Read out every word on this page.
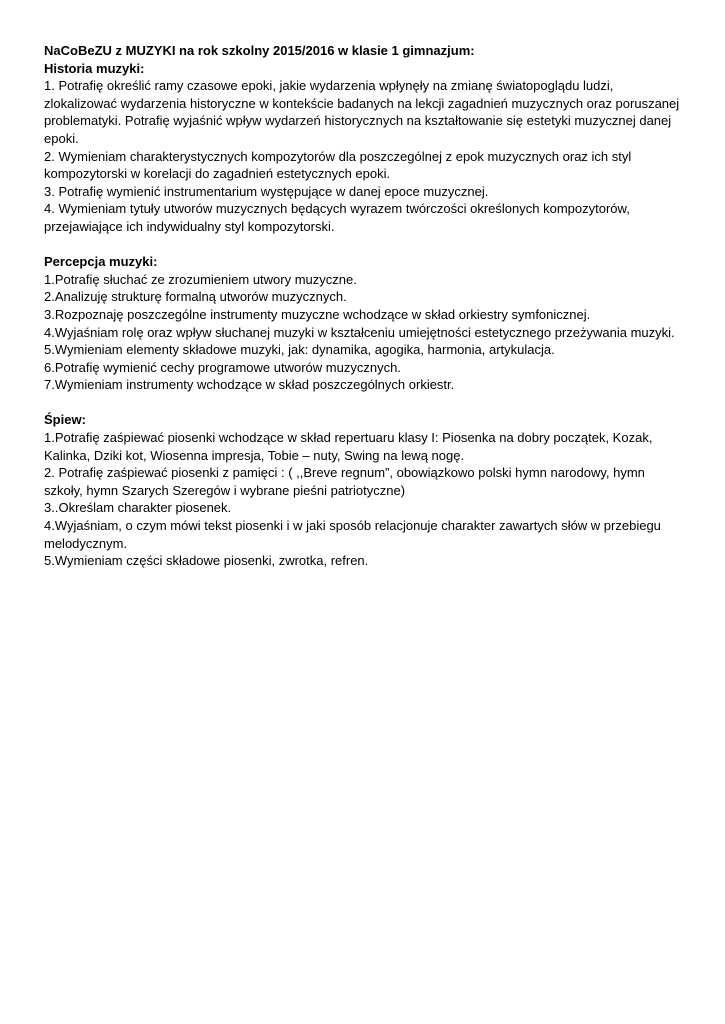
NaCoBeZU z MUZYKI na rok szkolny 2015/2016 w klasie 1 gimnazjum:
Historia muzyki:

1. Potrafię określić ramy czasowe epoki, jakie wydarzenia wpłynęły na zmianę światopoglądu ludzi, zlokalizować wydarzenia historyczne w kontekście badanych na lekcji zagadnień muzycznych oraz poruszanej problematyki. Potrafię wyjaśnić wpływ wydarzeń historycznych na kształtowanie się estetyki muzycznej danej epoki.

2. Wymieniam charakterystycznych kompozytorów dla poszczególnej z epok muzycznych oraz ich styl kompozytorski w korelacji do zagadnień estetycznych epoki.

3. Potrafię wymienić instrumentarium występujące w danej epoce muzycznej.

4. Wymieniam tytuły utworów muzycznych będących wyrazem twórczości określonych kompozytorów, przejawiające ich indywidualny styl kompozytorski.

Percepcja muzyki:

1.Potrafię słuchać ze zrozumieniem utwory muzyczne.

2.Analizuję strukturę formalną utworów muzycznych.

3.Rozpoznaję poszczególne instrumenty muzyczne wchodzące w skład orkiestry symfonicznej.

4.Wyjaśniam rolę oraz wpływ słuchanej muzyki w kształceniu umiejętności estetycznego przeżywania muzyki.

5.Wymieniam elementy składowe muzyki, jak: dynamika, agogika, harmonia, artykulacja.

6.Potrafię wymienić cechy programowe utworów muzycznych.

7.Wymieniam instrumenty wchodzące w skład poszczególnych orkiestr.

Śpiew:

1.Potrafię zaśpiewać piosenki wchodzące w skład repertuaru klasy I: Piosenka na dobry początek, Kozak, Kalinka, Dziki kot, Wiosenna impresja, Tobie – nuty, Swing na lewą nogę.

2. Potrafię zaśpiewać piosenki z pamięci : ( ,,Breve regnum”, obowiązkowo polski hymn narodowy, hymn szkoły, hymn Szarych Szeregów i wybrane pieśni patriotyczne)

3..Określam charakter piosenek.

4.Wyjaśniam, o czym mówi tekst piosenki i w jaki sposób relacjonuje charakter zawartych słów w przebiegu melodycznym.

5.Wymieniam części składowe piosenki, zwrotka, refren.
